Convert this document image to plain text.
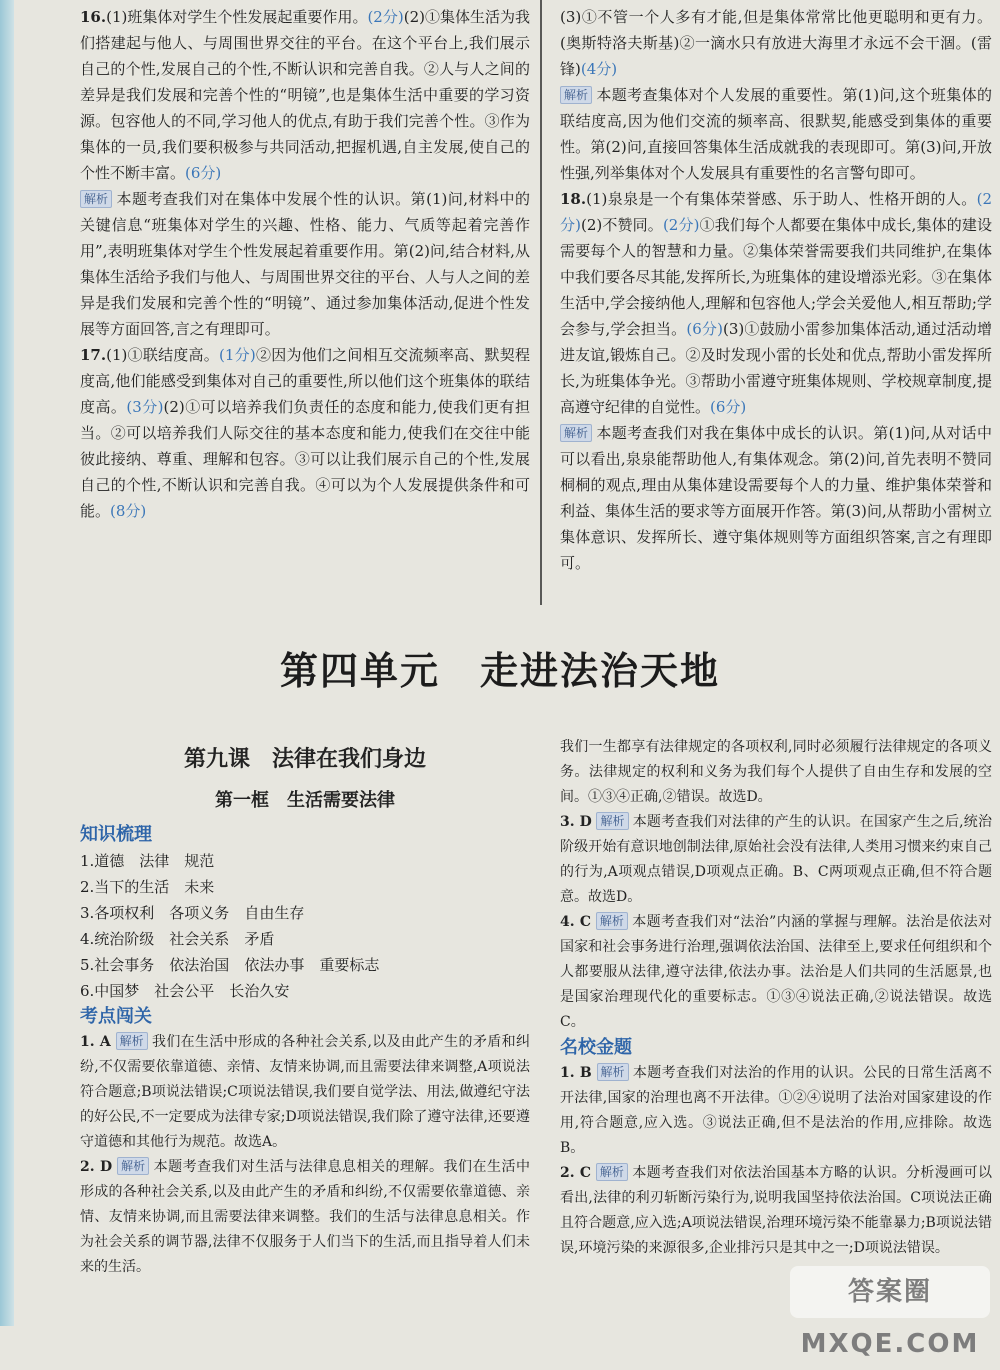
16.(1)班集体对学生个性发展起重要作用。(2分)(2)①集体生活为我们搭建起与他人、与周围世界交往的平台。在这个平台上,我们展示自己的个性,发展自己的个性,不断认识和完善自我。②人与人之间的差异是我们发展和完善个性的“明镜”,也是集体生活中重要的学习资源。包容他人的不同,学习他人的优点,有助于我们完善个性。③作为集体的一员,我们要积极参与共同活动,把握机遇,自主发展,使自己的个性不断丰富。(6分)
解析 本题考查我们对在集体中发展个性的认识。第(1)问,材料中的关键信息“班集体对学生的兴趣、性格、能力、气质等起着完善作用”,表明班集体对学生个性发展起着重要作用。第(2)问,结合材料,从集体生活给予我们与他人、与周围世界交往的平台、人与人之间的差异是我们发展和完善个性的“明镜”、通过参加集体活动,促进个性发展等方面回答,言之有理即可。
17.(1)①联结度高。(1分)②因为他们之间相互交流频率高、默契程度高,他们能感受到集体对自己的重要性,所以他们这个班集体的联结度高。(3分)(2)①可以培养我们负责任的态度和能力,使我们更有担当。②可以培养我们人际交往的基本态度和能力,使我们在交往中能彼此接纳、尊重、理解和包容。③可以让我们展示自己的个性,发展自己的个性,不断认识和完善自我。④可以为个人发展提供条件和可能。(8分)
(3)①不管一个人多有才能,但是集体常常比他更聪明和更有力。(奥斯特洛夫斯基)②一滴水只有放进大海里才永远不会干涸。(雷锋)(4分)
解析 本题考查集体对个人发展的重要性。第(1)问,这个班集体的联结度高,因为他们交流的频率高、很默契,能感受到集体的重要性。第(2)问,直接回答集体生活成就我的表现即可。第(3)问,开放性强,列举集体对个人发展具有重要性的名言警句即可。
18.(1)泉泉是一个有集体荣誉感、乐于助人、性格开朗的人。(2分)(2)不赞同。(2分)①我们每个人都要在集体中成长,集体的建设需要每个人的智慧和力量。②集体荣誉需要我们共同维护,在集体中我们要各尽其能,发挥所长,为班集体的建设增添光彩。③在集体生活中,学会接纳他人,理解和包容他人;学会关爱他人,相互帮助;学会参与,学会担当。(6分)(3)①鼓励小雷参加集体活动,通过活动增进友谊,锻炼自己。②及时发现小雷的长处和优点,帮助小雷发挥所长,为班集体争光。③帮助小雷遵守班集体规则、学校规章制度,提高遵守纪律的自觉性。(6分)
解析 本题考查我们对我在集体中成长的认识。第(1)问,从对话中可以看出,泉泉能帮助他人,有集体观念。第(2)问,首先表明不赞同桐桐的观点,理由从集体建设需要每个人的力量、维护集体荣誉和利益、集体生活的要求等方面展开作答。第(3)问,从帮助小雷树立集体意识、发挥所长、遵守集体规则等方面组织答案,言之有理即可。
第四单元　走进法治天地
第九课　法律在我们身边
第一框　生活需要法律
知识梳理
1.道德　法律　规范
2.当下的生活　未来
3.各项权利　各项义务　自由生存
4.统治阶级　社会关系　矛盾
5.社会事务　依法治国　依法办事　重要标志
6.中国梦　社会公平　长治久安
考点闯关
1. A 解析 我们在生活中形成的各种社会关系,以及由此产生的矛盾和纠纷,不仅需要依靠道德、亲情、友情来协调,而且需要法律来调整,A项说法符合题意;B项说法错误;C项说法错误,我们要自觉学法、用法,做遵纪守法的好公民,不一定要成为法律专家;D项说法错误,我们除了遵守法律,还要遵守道德和其他行为规范。故选A。
2. D 解析 本题考查我们对生活与法律息息相关的理解。我们在生活中形成的各种社会关系,以及由此产生的矛盾和纠纷,不仅需要依靠道德、亲情、友情来协调,而且需要法律来调整。我们的生活与法律息息相关。作为社会关系的调节器,法律不仅服务于人们当下的生活,而且指导着人们未来的生活。
我们一生都享有法律规定的各项权利,同时必须履行法律规定的各项义务。法律规定的权利和义务为我们每个人提供了自由生存和发展的空间。①③④正确,②错误。故选D。
3. D 解析 本题考查我们对法律的产生的认识。在国家产生之后,统治阶级开始有意识地创制法律,原始社会没有法律,人类用习惯来约束自己的行为,A项观点错误,D项观点正确。B、C两项观点正确,但不符合题意。故选D。
4. C 解析 本题考查我们对“法治”内涵的掌握与理解。法治是依法对国家和社会事务进行治理,强调依法治国、法律至上,要求任何组织和个人都要服从法律,遵守法律,依法办事。法治是人们共同的生活愿景,也是国家治理现代化的重要标志。①③④说法正确,②说法错误。故选C。
名校金题
1. B 解析 本题考查我们对法治的作用的认识。公民的日常生活离不开法律,国家的治理也离不开法律。①②④说明了法治对国家建设的作用,符合题意,应入选。③说法正确,但不是法治的作用,应排除。故选B。
2. C 解析 本题考查我们对依法治国基本方略的认识。分析漫画可以看出,法律的利刃斩断污染行为,说明我国坚持依法治国。C项说法正确且符合题意,应入选;A项说法错误,治理环境污染不能靠暴力;B项说法错误,环境污染的来源很多,企业排污只是其中之一;D项说法错误。
答案圈 MXQE.COM
